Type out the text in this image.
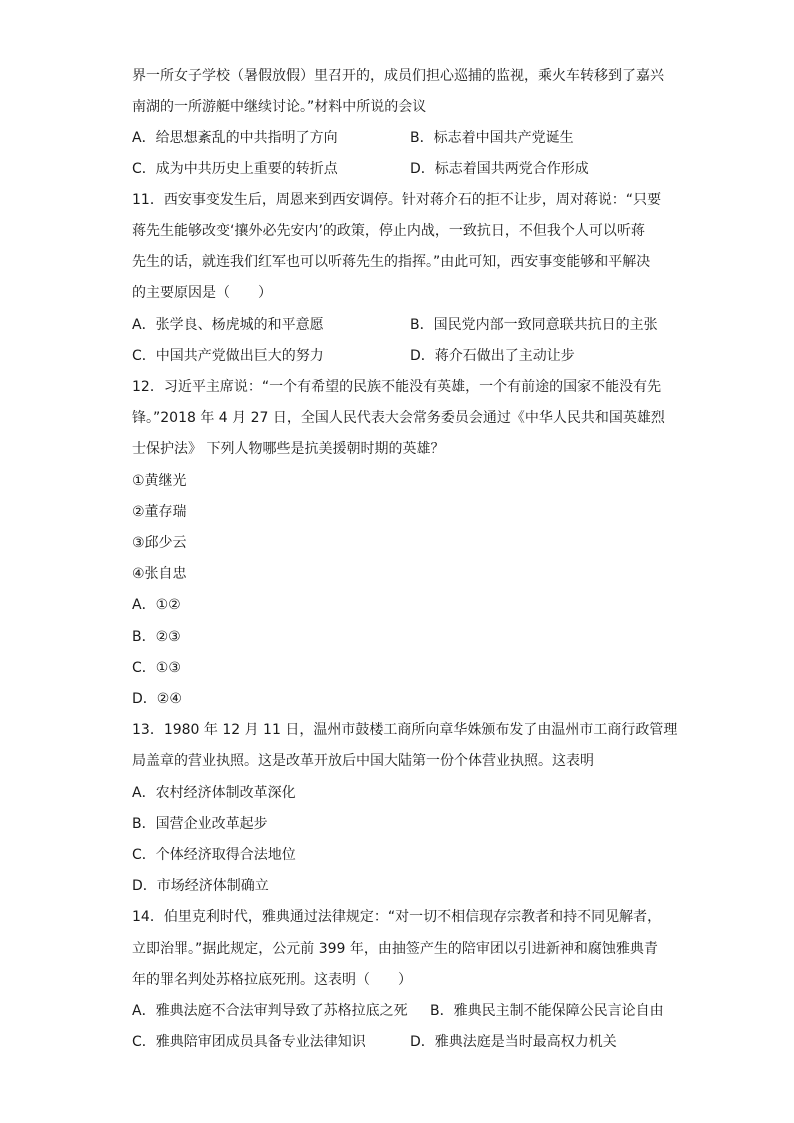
界一所女子学校（暑假放假）里召开的，成员们担心巡捕的监视，乘火车转移到了嘉兴
南湖的一所游艇中继续讨论。”材料中所说的会议
A．给思想紊乱的中共指明了方向	B．标志着中国共产党诞生
C．成为中共历史上重要的转折点	D．标志着国共两党合作形成
11．西安事变发生后，周恩来到西安调停。针对蒋介石的拒不让步，周对蒋说：“只要
蒋先生能够改变‘攘外必先安内’的政策，停止内战，一致抗日，不但我个人可以听蒋
先生的话，就连我们红军也可以听蒋先生的指挥。”由此可知，西安事变能够和平解决
的主要原因是（　　）
A．张学良、杨虎城的和平意愿	B．国民党内部一致同意联共抗日的主张
C．中国共产党做出巨大的努力	D．蒋介石做出了主动让步
12．习近平主席说：“一个有希望的民族不能没有英雄，一个有前途的国家不能没有先
锋。”2018 年 4 月 27 日，全国人民代表大会常务委员会通过《中华人民共和国英雄烈
士保护法》 下列人物哪些是抗美援朝时期的英雄？
①黄继光
②董存瑞
③邱少云
④张自忠
A．①②
B．②③
C．①③
D．②④
13．1980 年 12 月 11 日，温州市鼓楼工商所向章华姝颁布发了由温州市工商行政管理
局盖章的营业执照。这是改革开放后中国大陆第一份个体营业执照。这表明
A．农村经济体制改革深化
B．国营企业改革起步
C．个体经济取得合法地位
D．市场经济体制确立
14．伯里克利时代，雅典通过法律规定：“对一切不相信现存宗教者和持不同见解者，
立即治罪。”据此规定，公元前 399 年，由抽签产生的陪审团以引进新神和腐蚀雅典青
年的罪名判处苏格拉底死刑。这表明（　　）
A．雅典法庭不合法审判导致了苏格拉底之死 B．雅典民主制不能保障公民言论自由
C．雅典陪审团成员具备专业法律知识	D．雅典法庭是当时最高权力机关
